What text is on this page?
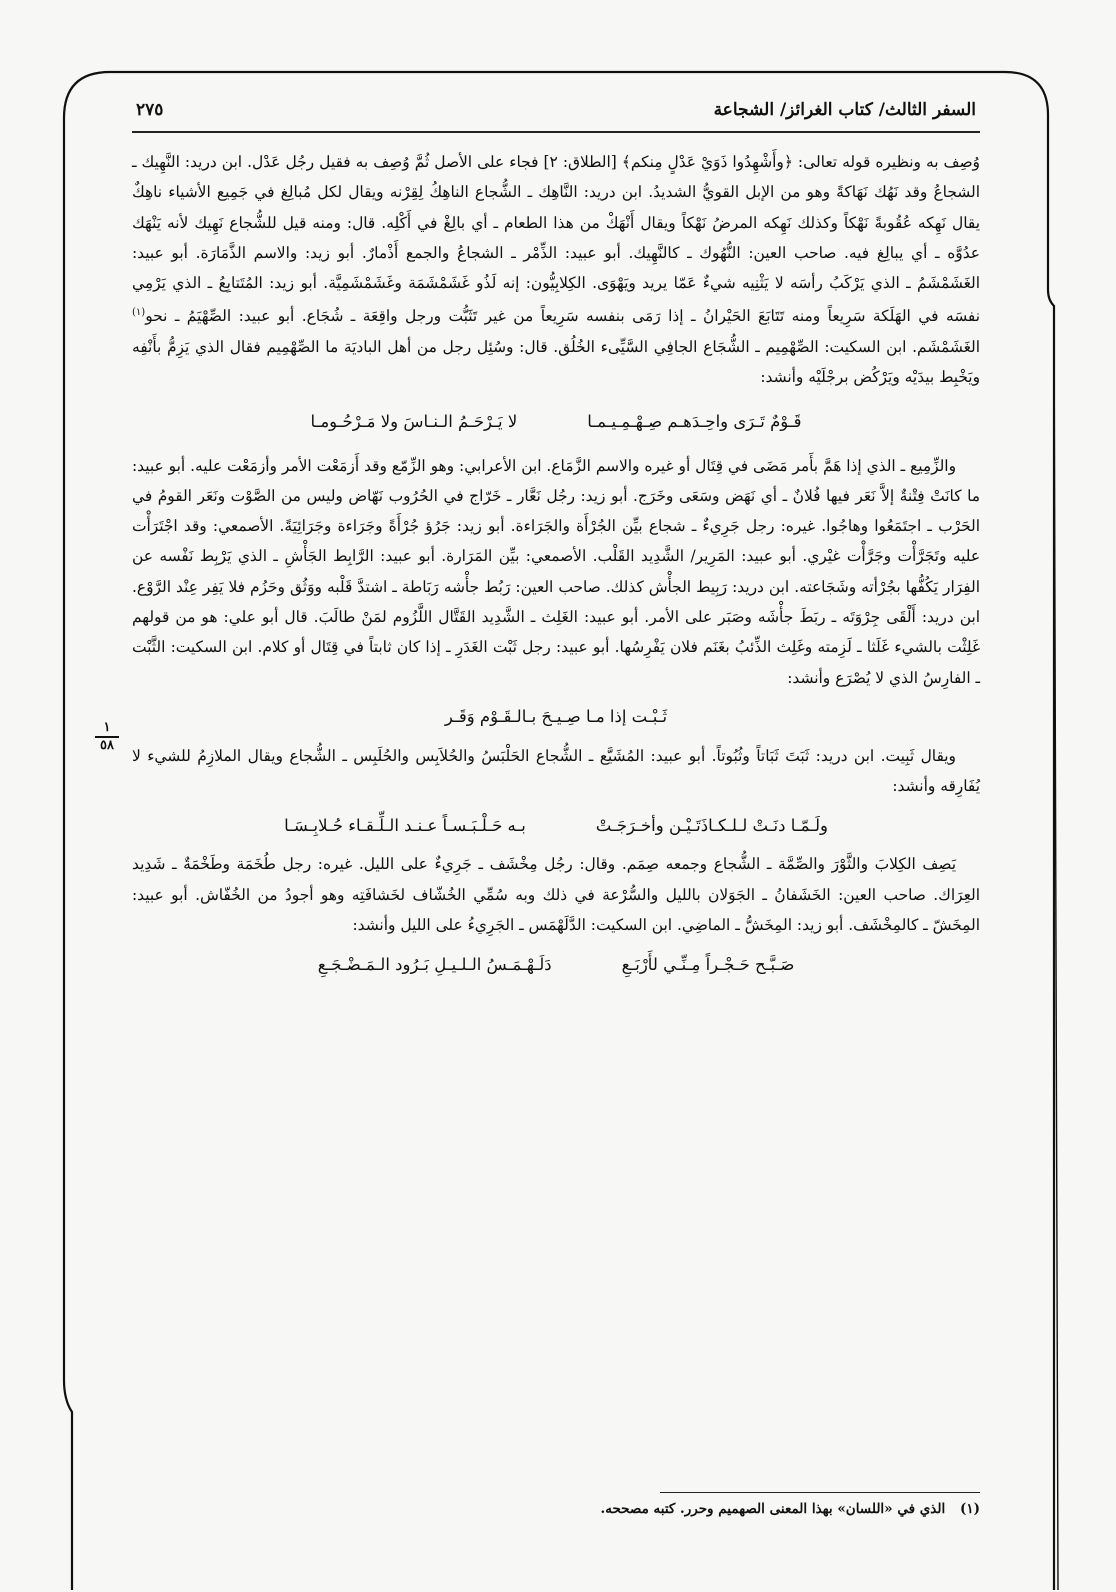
السفر الثالث/ كتاب الغرائز/ الشجاعة
٢٧٥

وُصِف به ونظيره قوله تعالى: ﴿وأَشْهِدُوا ذَوَيْ عَدْلٍ مِنكم﴾ [الطلاق: ٢] فجاء على الأصل ثُمَّ وُصِف به فقيل رجُل عَدْل. ابن دريد: النَّهِيك ـ الشجاعُ وقد نَهُك نَهَاكةً وهو من الإبل القويُّ الشديدُ. ابن دريد: النَّاهِك ـ الشُّجاع الناهِكُ لِقِرْنه ويقال لكل مُبالِغ في جَمِيع الأشياء ناهِكٌ يقال نَهِكه عُقُوبةً نَهْكاً وكذلك نَهِكه المرضُ نَهْكاً ويقال أَنْهَكْ من هذا الطعام ـ أي بالِغْ في أَكْلِه. قال: ومنه قيل للشُّجاع نَهِيك لأنه يَنْهَك عدُوَّه ـ أي يبالِغ فيه. صاحب العين: النُّهُوك ـ كالنَّهِيك. أبو عبيد: الذِّمْر ـ الشجاعُ والجمع أَذْمارٌ. أبو زيد: والاسم الذَّمَارَة. أبو عبيد: الغَشَمْشَمُ ـ الذي يَرْكَبُ رأسَه لا يَثْنِيه شيءٌ عَمّا يريد ويَهْوَى. الكِلابِيُّون: إنه لَذُو غَشَمْشَمَة وغَشَمْشَمِيَّة. أبو زيد: المُتَتابِعُ ـ الذي يَرْمِي نفسَه في الهَلَكة سَرِيعاً ومنه تَتَابَعَ الحَيْرانُ ـ إذا رَمَى بنفسه سَرِيعاً من غير تَثَبُّت ورجل واقِعَة ـ شُجَاع. أبو عبيد: الصِّهْيَمُ ـ نحو$^{(١)}$ الغَشَمْشَم. ابن السكيت: الصِّهْمِيم ـ الشُّجَاع الجافِي السَّيِّىء الخُلُق. قال: وسُئِل رجل من أهل الباديَة ما الصِّهْمِيم فقال الذي يَزِمُّ بأَنْفِه ويَخْبِط بيدَيْه ويَرْكُض برجْلَيْه وأنشد:

قَـوْمٌ تَـرَى واحِـدَهـم صِـهْـمِـيـمـا
لا يَـرْحَـمُ الـنـاسَ ولا مَـرْحُـومـا

والزِّمِيع ـ الذي إذا هَمَّ بأَمر مَضَى في قِتَال أو غيره والاسم الزَّمَاع. ابن الأعرابي: وهو الزِّمّع وقد أَزمَعْت الأمر وأزمَعْت عليه. أبو عبيد: ما كانَتْ فِتْنةٌ إلاَّ نَعَر فيها فُلانٌ ـ أي نَهَض وسَعَى وخَرَج. أبو زيد: رجُل نَعَّار ـ خَرّاج في الحُرُوب نَهّاض وليس من الصَّوْت ونَعَر القومُ في الحَرْب ـ اجتَمَعُوا وهاجُوا. غيره: رجل جَرِيءٌ ـ شجاع بيِّن الجُرْأَة والجَرَاءة. أبو زيد: جَرُؤ جُرْأَةً وجَرَاءة وجَرَائِيَةً. الأصمعي: وقد اجْتَرَأْت عليه وتَجَرَّأْت وجَرَّأْت غيْري. أبو عبيد: المَرِير/ الشَّدِيد القَلْب. الأصمعي: بيِّن المَرَارة. أبو عبيد: الرَّابِط الجَأْشِ ـ الذي يَرْبِط نَفْسه عن الفِرَار يَكُفُّها بجُرْأته وشَجَاعته. ابن دريد: رَبِيط الجأْش كذلك. صاحب العين: رَبُط جأْشه رَبَاطة ـ اشتدَّ قَلْبه ووَثُق وحَزُم فلا يَفِر عِنْد الرَّوْع. ابن دريد: أَلْقَى جِرْوَتَه ـ ربَطَ جأْشَه وصَبَر على الأمر. أبو عبيد: الغَلِث ـ الشَّدِيد القَتَّال اللَّزُوم لمَنْ طالَبَ. قال أبو علي: هو من قولهم غَلِثْت بالشيء غَلَثا ـ لَزِمته وغَلِث الذِّئبُ بغَنَم فلان يَفْرِسُها. أبو عبيد: رجل ثَبْت الغَدَرِ ـ إذا كان ثابتاً في قِتَال أو كلام. ابن السكيت: الثَّبْت ـ الفارِسُ الذي لا يُصْرَع وأنشد:

ثَـبْـت إذا مـا صِـيـحَ بـالـقَـوْم وَقَـر

ويقال ثَبِيت. ابن دريد: ثَبَتَ ثَبَاتاً وثُبُوتاً. أبو عبيد: المُشَيَّع ـ الشُّجاع الحَلْبَسُ والحُلاَبِس والحُلَبِس ـ الشُّجاع ويقال الملازِمُ للشيء لا يُفَارِقه وأنشد:

ولَـمّـا دنَـتْ لـلـكـاذَتَـيْـن وأخـرَجَـتْ
بـه حَـلْـبَـسـاً عـنـد الـلِّـقـاء حُـلابِـسَـا

يَصِف الكِلابَ والثَّوْرَ والصِّمَّة ـ الشُّجاع وجمعه صِمَم. وقال: رجُل مِخْشَف ـ جَرِيءٌ على الليل. غيره: رجل طُخَمَة وطَخْمَةٌ ـ شَدِيد العِرَاك. صاحب العين: الخَشَفانُ ـ الجَوَلان بالليل والسُّرْعة في ذلك وبه سُمِّي الخُشّاف لخَشافَتِه وهو أجودُ من الخُفّاش. أبو عبيد: المِخَشّ ـ كالمِخْشَف. أبو زيد: المِخَشُّ ـ الماضِي. ابن السكيت: الدَّلَهْمَس ـ الجَرِيءُ على الليل وأنشد:

صَـبَّـح حَـجْـراً مِـنِّـي لأَرْبَـعِ
دَلَـهْـمَـسُ الـلـيـلِ بَـرُود الـمَـضْـجَـعِ
١
٥٨
(١) الذي في «اللسان» بهذا المعنى الصهميم وحرر. كتبه مصححه.
